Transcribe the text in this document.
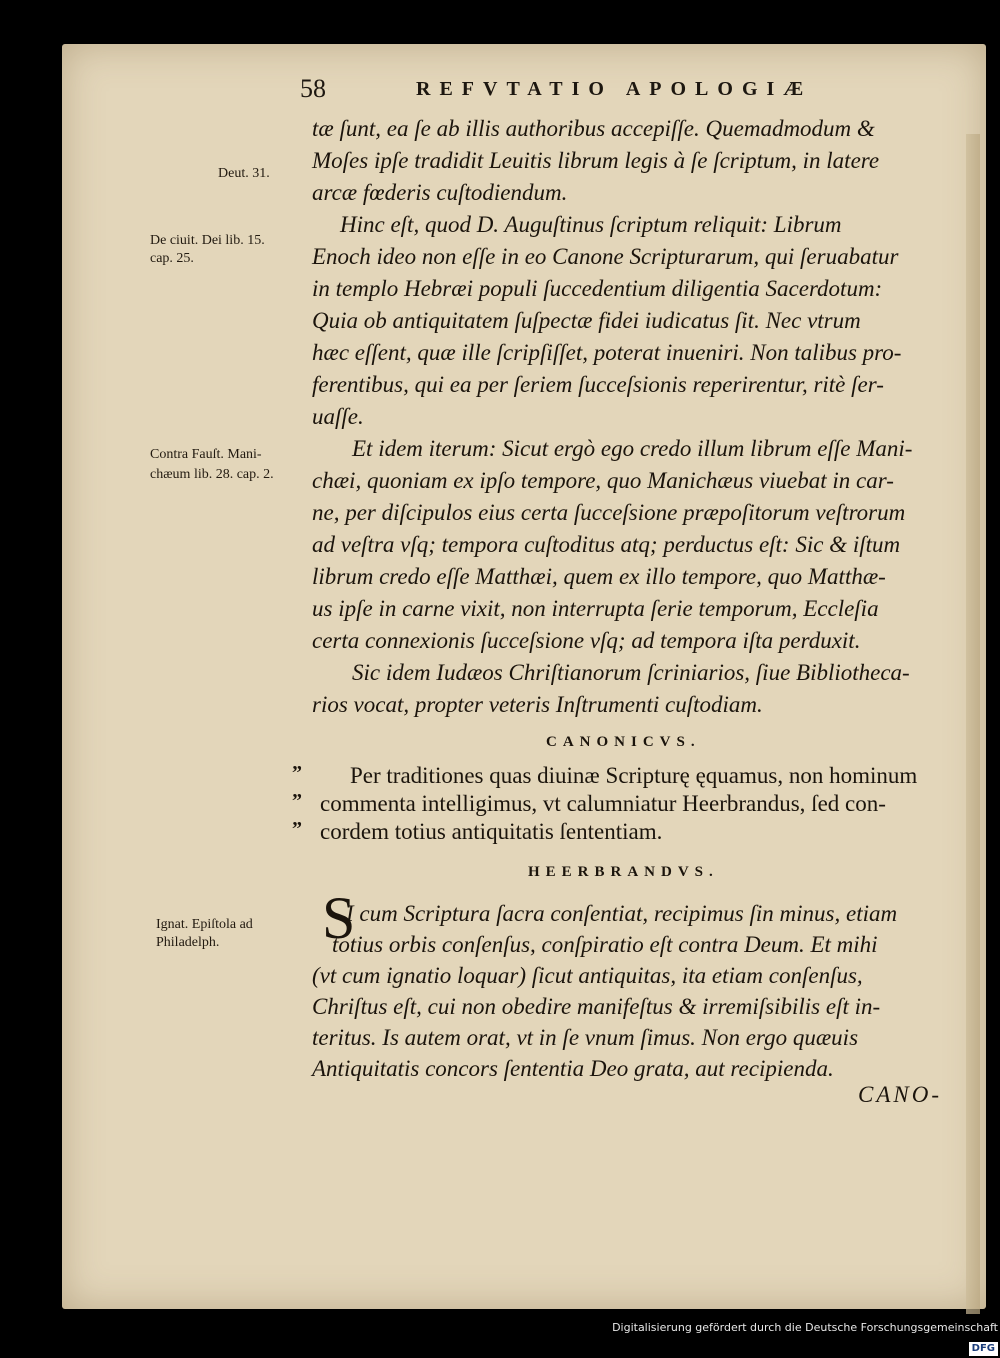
58	REFVTATIO APOLOGIÆ
Deut. 31.
De ciuit. Dei lib. 15.
cap. 25.
Contra Fauſt. Mani-
chæum lib. 28. cap. 2.
Ignat. Epiſtola ad
Philadelph.
tæ ſunt, ea ſe ab illis authoribus accepiſſe. Quemadmodum &
Moſes ipſe tradidit Leuitis librum legis à ſe ſcriptum, in latere
arcæ fœderis cuſtodiendum.
Hinc eſt, quod D. Auguſtinus ſcriptum reliquit: Librum
Enoch ideo non eſſe in eo Canone Scripturarum, qui ſeruabatur
in templo Hebræi populi ſuccedentium diligentia Sacerdotum:
Quia ob antiquitatem ſuſpectæ fidei iudicatus ſit. Nec vtrum
hæc eſſent, quæ ille ſcripſiſſet, poterat inueniri. Non talibus pro-
ferentibus, qui ea per ſeriem ſucceſsionis reperirentur, ritè ſer-
uaſſe.
Et idem iterum: Sicut ergò ego credo illum librum eſſe Mani-
chæi, quoniam ex ipſo tempore, quo Manichæus viuebat in car-
ne, per diſcipulos eius certa ſucceſsione præpoſitorum veſtrorum
ad veſtra vſq; tempora cuſtoditus atq; perductus eſt: Sic & iſtum
librum credo eſſe Matthæi, quem ex illo tempore, quo Matthæ-
us ipſe in carne vixit, non interrupta ſerie temporum, Eccleſia
certa connexionis ſucceſsione vſq; ad tempora iſta perduxit.
Sic idem Iudæos Chriſtianorum ſcriniarios, ſiue Bibliotheca-
rios vocat, propter veteris Inſtrumenti cuſtodiam.
CANONICVS.
”
”
”
Per traditiones quas diuinæ Scripturę ęquamus, non hominum
commenta intelligimus, vt calumniatur Heerbrandus, ſed con-
cordem totius antiquitatis ſententiam.
HEERBRANDVS.
S
I cum Scriptura ſacra conſentiat, recipimus ſin minus, etiam
totius orbis conſenſus, conſpiratio eſt contra Deum. Et mihi
(vt cum ignatio loquar) ſicut antiquitas, ita etiam conſenſus,
Chriſtus eſt, cui non obedire manifeſtus & irremiſsibilis eſt in-
teritus. Is autem orat, vt in ſe vnum ſimus. Non ergo quæuis
Antiquitatis concors ſententia Deo grata, aut recipienda.
CANO-
Digitalisierung gefördert durch die Deutsche Forschungsgemeinschaft DFG
